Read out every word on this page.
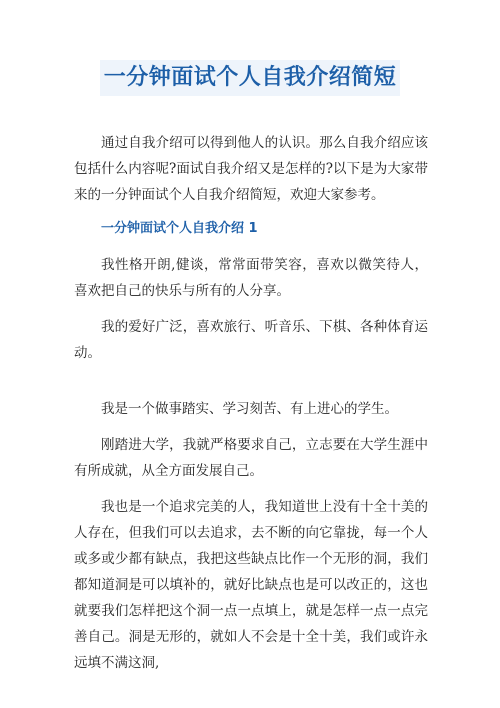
一分钟面试个人自我介绍简短

通过自我介绍可以得到他人的认识。那么自我介绍应该包括什么内容呢?面试自我介绍又是怎样的?以下是为大家带来的一分钟面试个人自我介绍简短，欢迎大家参考。

一分钟面试个人自我介绍 1

我性格开朗,健谈，常常面带笑容，喜欢以微笑待人，喜欢把自己的快乐与所有的人分享。

我的爱好广泛，喜欢旅行、听音乐、下棋、各种体育运动。

我是一个做事踏实、学习刻苦、有上进心的学生。

刚踏进大学，我就严格要求自己，立志要在大学生涯中有所成就，从全方面发展自己。

我也是一个追求完美的人，我知道世上没有十全十美的人存在，但我们可以去追求，去不断的向它靠拢，每一个人或多或少都有缺点，我把这些缺点比作一个无形的洞，我们都知道洞是可以填补的，就好比缺点也是可以改正的，这也就要我们怎样把这个洞一点一点填上，就是怎样一点一点完善自己。洞是无形的，就如人不会是十全十美，我们或许永远填不满这洞,
